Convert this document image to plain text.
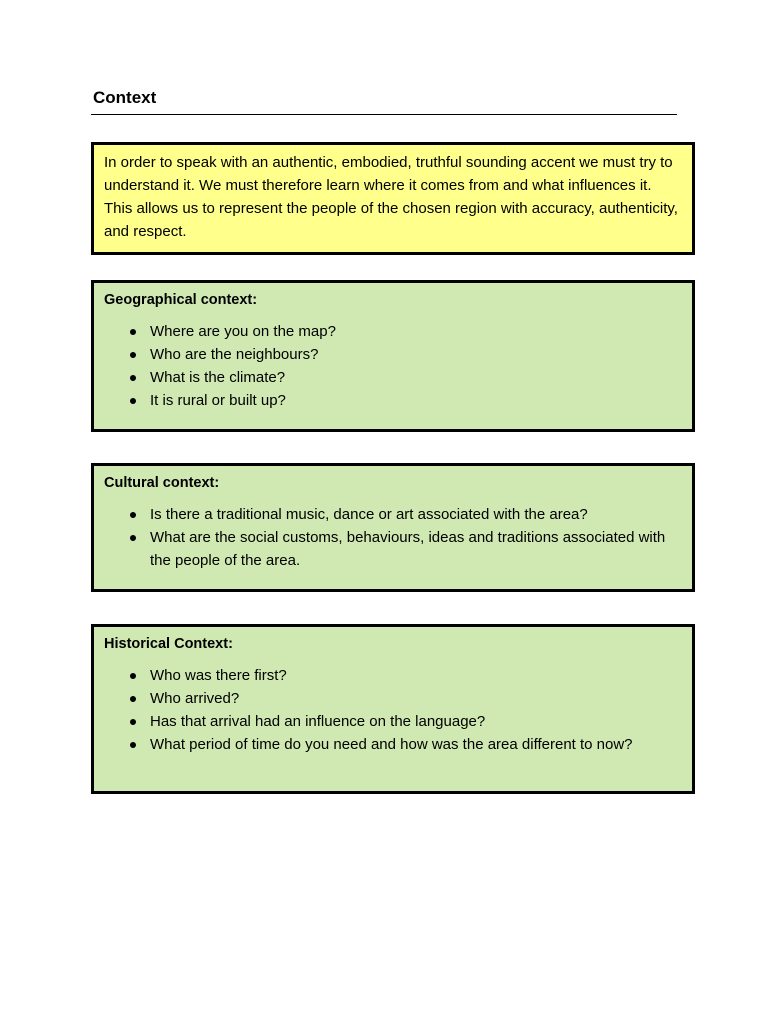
Context

In order to speak with an authentic, embodied, truthful sounding accent we must try to understand it. We must therefore learn where it comes from and what influences it. This allows us to represent the people of the chosen region with accuracy, authenticity, and respect.

Geographical context:
Where are you on the map?
Who are the neighbours?
What is the climate?
It is rural or built up?
Cultural context:
Is there a traditional music, dance or art associated with the area?
What are the social customs, behaviours, ideas and traditions associated with the people of the area.
Historical Context:
Who was there first?
Who arrived?
Has that arrival had an influence on the language?
What period of time do you need and how was the area different to now?
